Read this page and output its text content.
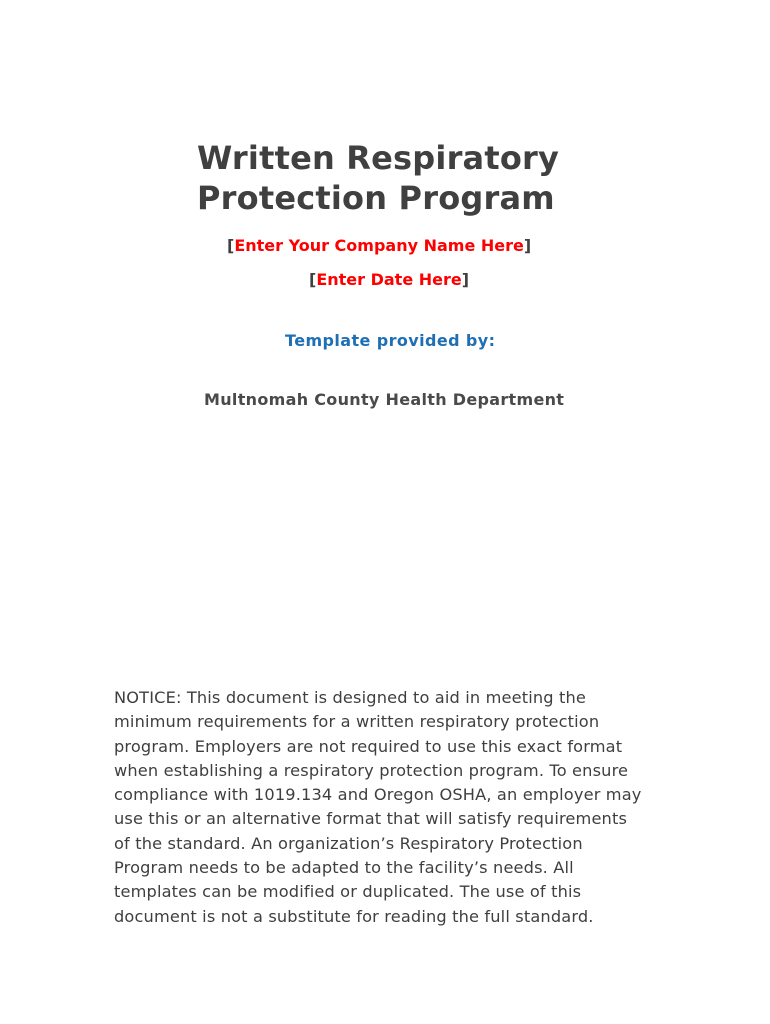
Written Respiratory
Protection Program
[Enter Your Company Name Here]
[Enter Date Here]
Template provided by:
Multnomah County Health Department

NOTICE: This document is designed to aid in meeting the
minimum requirements for a written respiratory protection
program. Employers are not required to use this exact format
when establishing a respiratory protection program. To ensure
compliance with 1019.134 and Oregon OSHA, an employer may
use this or an alternative format that will satisfy requirements
of the standard. An organization’s Respiratory Protection
Program needs to be adapted to the facility’s needs. All
templates can be modified or duplicated. The use of this
document is not a substitute for reading the full standard.
